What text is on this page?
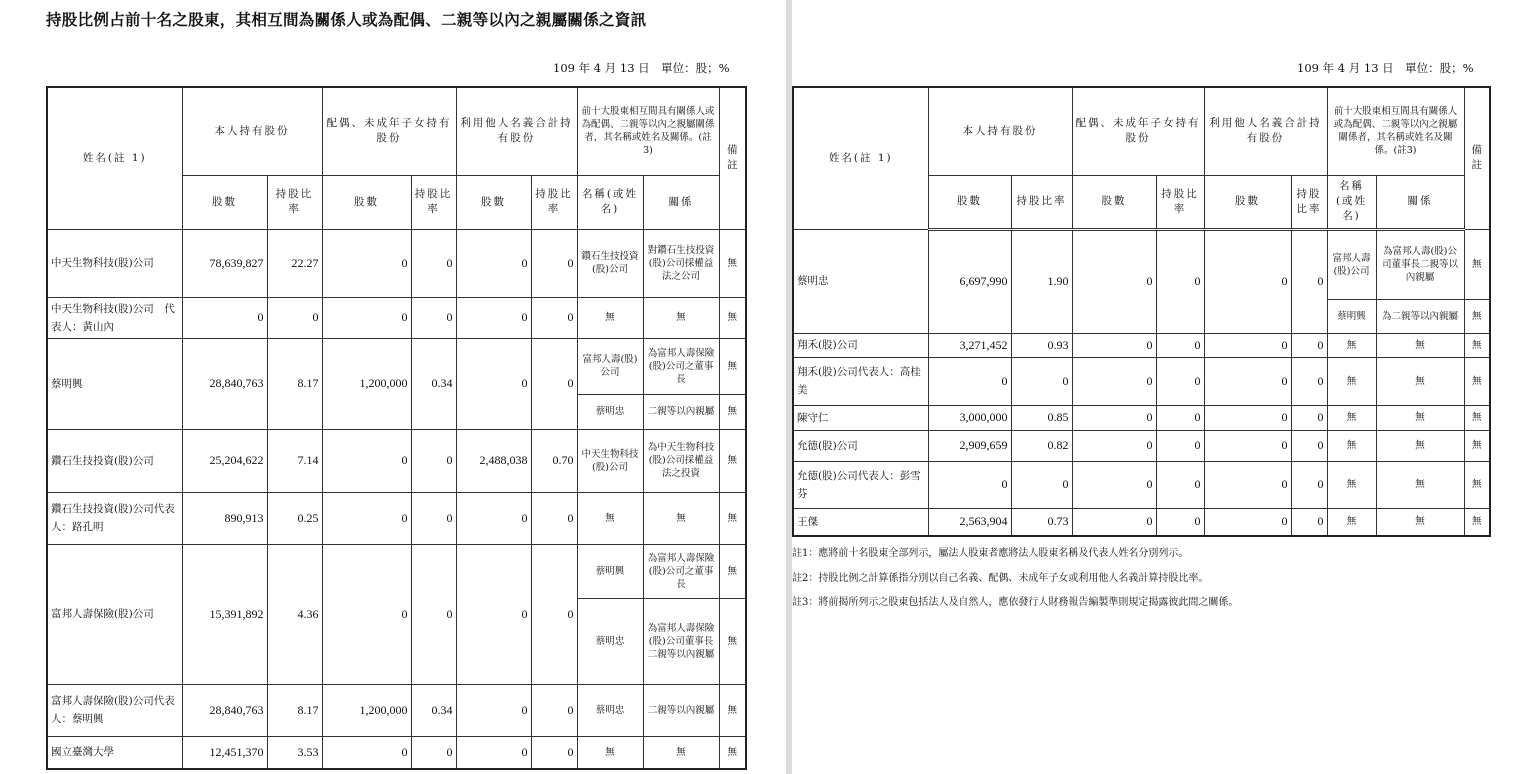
持股比例占前十名之股東，其相互間為關係人或為配偶、二親等以內之親屬關係之資訊
109 年 4 月 13 日　單位：股；%
姓名(註 1)	本人持有股份		配偶、未成年子女持有股份		利用他人名義合計持有股份		前十大股東相互間具有關係人或為配偶、二親等以內之親屬關係者，其名稱或姓名及關係。(註3)		備註
	股數	持股比率	股數	持股比率	股數	持股比率	名稱(或姓名)	關係	
中天生物科技(股)公司	78,639,827	22.27	0	0	0	0	鑽石生技投資(股)公司	對鑽石生技投資(股)公司採權益法之公司	無
中天生物科技(股)公司　代表人：黃山內	0	0	0	0	0	0	無	無	無
蔡明興	28,840,763	8.17	1,200,000	0.34	0	0	富邦人壽(股)公司	為富邦人壽保險(股)公司之董事長	無
							蔡明忠	二親等以內親屬	無
鑽石生技投資(股)公司	25,204,622	7.14	0	0	2,488,038	0.70	中天生物科技(股)公司	為中天生物科技(股)公司採權益法之投資	無
鑽石生技投資(股)公司代表人：路孔明	890,913	0.25	0	0	0	0	無	無	無
富邦人壽保險(股)公司	15,391,892	4.36	0	0	0	0	蔡明興	為富邦人壽保險(股)公司之董事長	無
							蔡明忠	為富邦人壽保險(股)公司董事長二親等以內親屬	無
富邦人壽保險(股)公司代表人：蔡明興	28,840,763	8.17	1,200,000	0.34	0	0	蔡明忠	二親等以內親屬	無
國立臺灣大學	12,451,370	3.53	0	0	0	0	無	無	無
109 年 4 月 13 日　單位：股；%
姓名(註 1)	本人持有股份		配偶、未成年子女持有股份		利用他人名義合計持有股份		前十大股東相互間具有關係人或為配偶、二親等以內之親屬關係者，其名稱或姓名及關係。(註3)		備註
	股數	持股比率	股數	持股比率	股數	持股比率	名稱(或姓名)	關係	
蔡明忠	6,697,990	1.90	0	0	0	0	富邦人壽(股)公司	為富邦人壽(股)公司董事長二親等以內親屬	無
							蔡明興	為二親等以內親屬	無
翔禾(股)公司	3,271,452	0.93	0	0	0	0	無	無	無
翔禾(股)公司代表人：高桂美	0	0	0	0	0	0	無	無	無
陳守仁	3,000,000	0.85	0	0	0	0	無	無	無
允德(股)公司	2,909,659	0.82	0	0	0	0	無	無	無
允德(股)公司代表人：彭雪芬	0	0	0	0	0	0	無	無	無
王傑	2,563,904	0.73	0	0	0	0	無	無	無
註1：應將前十名股東全部列示，屬法人股東者應將法人股東名稱及代表人姓名分別列示。
註2：持股比例之計算係指分別以自己名義、配偶、未成年子女或利用他人名義計算持股比率。
註3：將前揭所列示之股東包括法人及自然人，應依發行人財務報告編製準則規定揭露彼此間之關係。
